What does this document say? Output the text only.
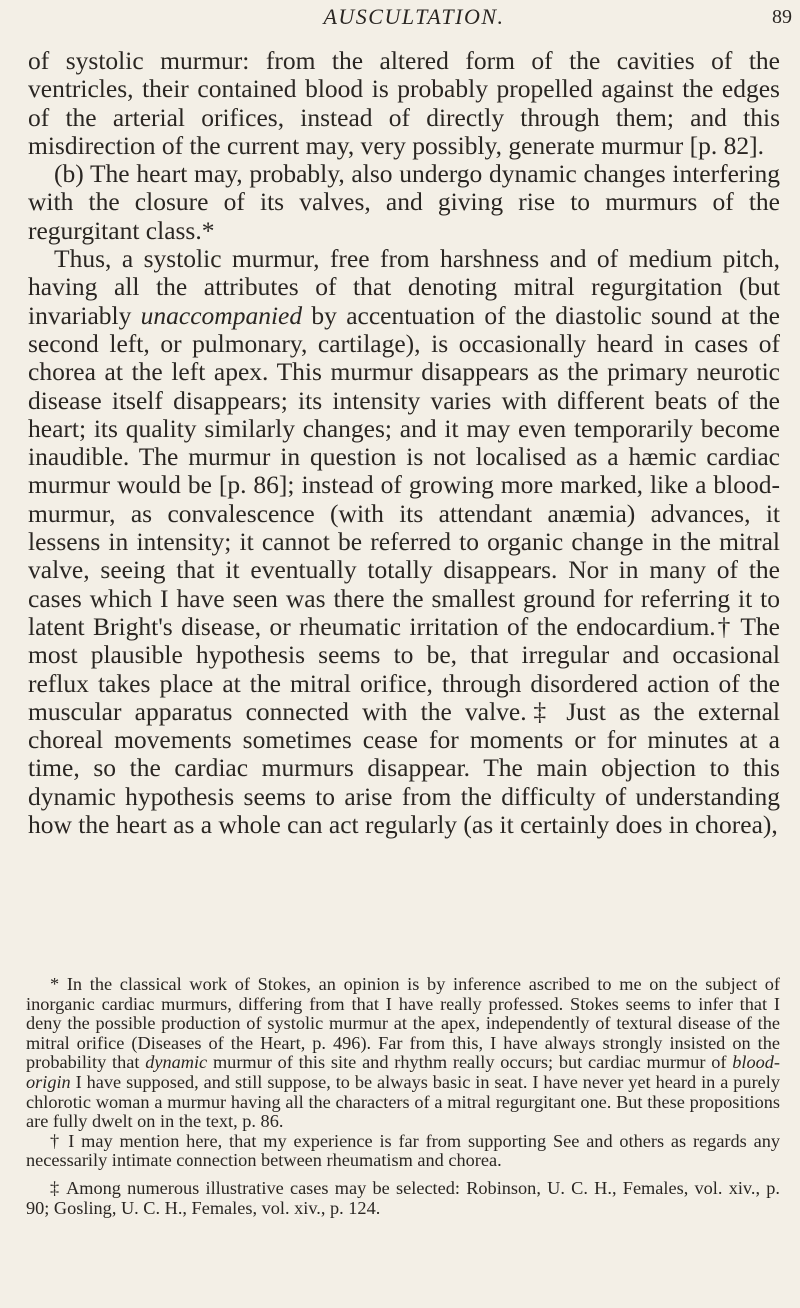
AUSCULTATION.	89

of systolic murmur: from the altered form of the cavities of the ventricles, their contained blood is probably propelled against the edges of the arterial orifices, instead of directly through them; and this misdirection of the current may, very possibly, generate murmur [p. 82].

(b) The heart may, probably, also undergo dynamic changes interfering with the closure of its valves, and giving rise to murmurs of the regurgitant class.*

Thus, a systolic murmur, free from harshness and of medium pitch, having all the attributes of that denoting mitral regurgitation (but invariably unaccompanied by accentuation of the diastolic sound at the second left, or pulmonary, cartilage), is occasionally heard in cases of chorea at the left apex. This murmur disappears as the primary neurotic disease itself disappears; its intensity varies with different beats of the heart; its quality similarly changes; and it may even temporarily become inaudible. The murmur in question is not localised as a hæmic cardiac murmur would be [p. 86]; instead of growing more marked, like a blood-murmur, as convalescence (with its attendant anæmia) advances, it lessens in intensity; it cannot be referred to organic change in the mitral valve, seeing that it eventually totally disappears. Nor in many of the cases which I have seen was there the smallest ground for referring it to latent Bright's disease, or rheumatic irritation of the endocardium.† The most plausible hypothesis seems to be, that irregular and occasional reflux takes place at the mitral orifice, through disordered action of the muscular apparatus connected with the valve.‡ Just as the external choreal movements sometimes cease for moments or for minutes at a time, so the cardiac murmurs disappear. The main objection to this dynamic hypothesis seems to arise from the difficulty of understanding how the heart as a whole can act regularly (as it certainly does in chorea),

* In the classical work of Stokes, an opinion is by inference ascribed to me on the subject of inorganic cardiac murmurs, differing from that I have really professed. Stokes seems to infer that I deny the possible production of systolic murmur at the apex, independently of textural disease of the mitral orifice (Diseases of the Heart, p. 496). Far from this, I have always strongly insisted on the probability that dynamic murmur of this site and rhythm really occurs; but cardiac murmur of blood-origin I have supposed, and still suppose, to be always basic in seat. I have never yet heard in a purely chlorotic woman a murmur having all the characters of a mitral regurgitant one. But these propositions are fully dwelt on in the text, p. 86.

† I may mention here, that my experience is far from supporting See and others as regards any necessarily intimate connection between rheumatism and chorea.

‡ Among numerous illustrative cases may be selected: Robinson, U. C. H., Females, vol. xiv., p. 90; Gosling, U. C. H., Females, vol. xiv., p. 124.
